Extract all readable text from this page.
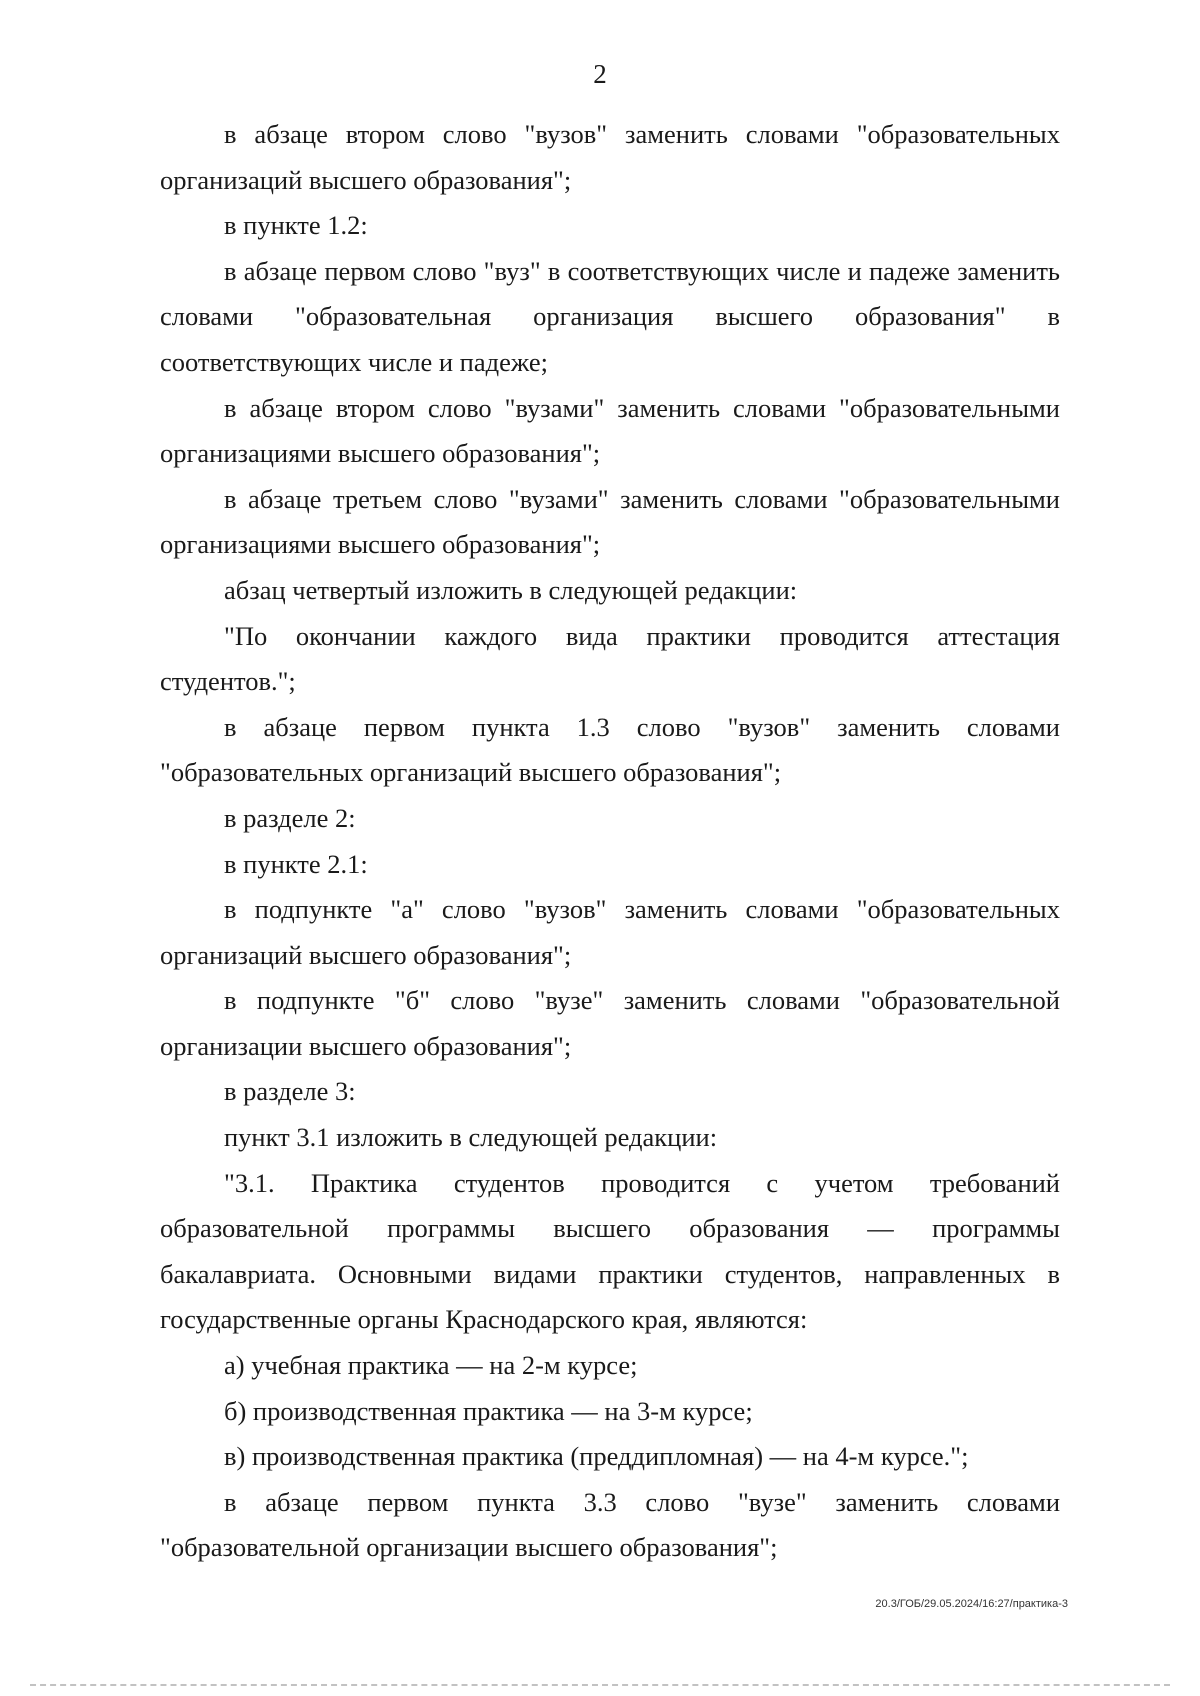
2

в абзаце втором слово "вузов" заменить словами "образовательных организаций высшего образования";

в пункте 1.2:

в абзаце первом слово "вуз" в соответствующих числе и падеже заменить словами "образовательная организация высшего образования" в соответствующих числе и падеже;

в абзаце втором слово "вузами" заменить словами "образовательными организациями высшего образования";

в абзаце третьем слово "вузами" заменить словами "образовательными организациями высшего образования";

абзац четвертый изложить в следующей редакции:

"По окончании каждого вида практики проводится аттестация студентов.";

в абзаце первом пункта 1.3 слово "вузов" заменить словами "образовательных организаций высшего образования";

в разделе 2:

в пункте 2.1:

в подпункте "а" слово "вузов" заменить словами "образовательных организаций высшего образования";

в подпункте "б" слово "вузе" заменить словами "образовательной организации высшего образования";

в разделе 3:

пункт 3.1 изложить в следующей редакции:

"3.1. Практика студентов проводится с учетом требований образовательной программы высшего образования — программы бакалавриата. Основными видами практики студентов, направленных в государственные органы Краснодарского края, являются:

а) учебная практика — на 2-м курсе;

б) производственная практика — на 3-м курсе;

в) производственная практика (преддипломная) — на 4-м курсе.";

в абзаце первом пункта 3.3 слово "вузе" заменить словами "образовательной организации высшего образования";

20.3/ГОБ/29.05.2024/16:27/практика-3
